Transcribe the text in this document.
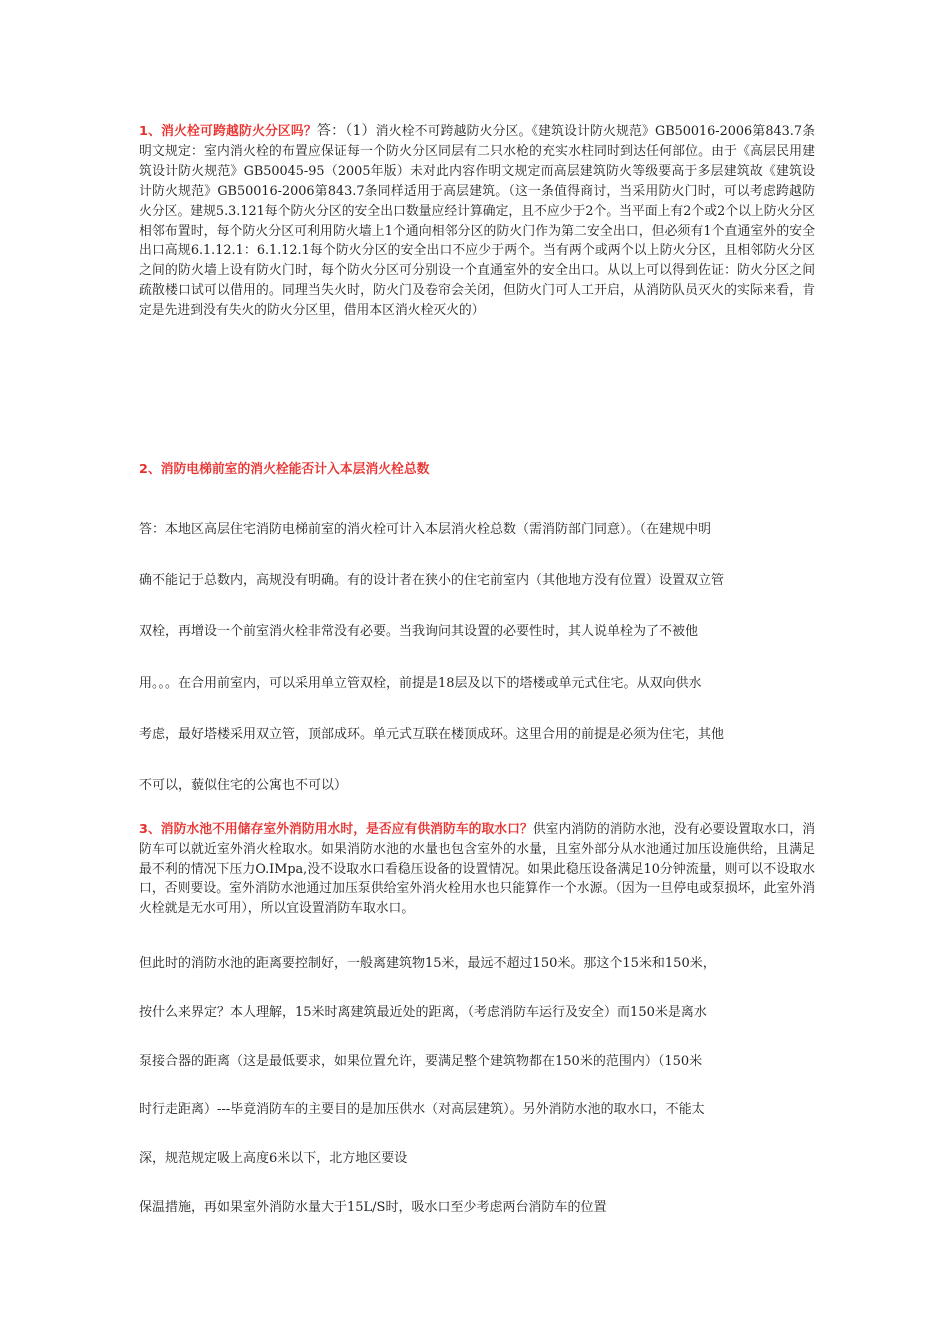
1、消火栓可跨越防火分区吗？答：（1）消火栓不可跨越防火分区。《建筑设计防火规范》GB50016-2006第843.7条明文规定：室内消火栓的布置应保证每一个防火分区同层有二只水枪的充实水柱同时到达任何部位。由于《高层民用建筑设计防火规范》GB50045-95（2005年版）未对此内容作明文规定而高层建筑防火等级要高于多层建筑故《建筑设计防火规范》GB50016-2006第843.7条同样适用于高层建筑。（这一条值得商讨，当采用防火门时，可以考虑跨越防火分区。建规5.3.121每个防火分区的安全出口数量应经计算确定，且不应少于2个。当平面上有2个或2个以上防火分区相邻布置时，每个防火分区可利用防火墙上1个通向相邻分区的防火门作为第二安全出口，但必须有1个直通室外的安全出口高规6.1.12.1：6.1.12.1每个防火分区的安全出口不应少于两个。当有两个或两个以上防火分区，且相邻防火分区之间的防火墙上设有防火门时，每个防火分区可分别设一个直通室外的安全出口。从以上可以得到佐证：防火分区之间疏散楼口试可以借用的。同理当失火时，防火门及卷帘会关闭，但防火门可人工开启，从消防队员灭火的实际来看，肯定是先进到没有失火的防火分区里，借用本区消火栓灭火的）
2、消防电梯前室的消火栓能否计入本层消火栓总数
答：本地区高层住宅消防电梯前室的消火栓可计入本层消火栓总数（需消防部门同意）。（在建规中明
确不能记于总数内，高规没有明确。有的设计者在狭小的住宅前室内（其他地方没有位置）设置双立管
双栓，再增设一个前室消火栓非常没有必要。当我询问其设置的必要性时，其人说单栓为了不被他
用。。。在合用前室内，可以采用单立管双栓，前提是18层及以下的塔楼或单元式住宅。从双向供水
考虑，最好塔楼采用双立管，顶部成环。单元式互联在楼顶成环。这里合用的前提是必须为住宅，其他
不可以，藐似住宅的公寓也不可以）
3、消防水池不用储存室外消防用水时，是否应有供消防车的取水口？供室内消防的消防水池，没有必要设置取水口，消防车可以就近室外消火栓取水。如果消防水池的水量也包含室外的水量，且室外部分从水池通过加压设施供给，且满足最不利的情况下压力O.IMpa,没不设取水口看稳压设备的设置情况。如果此稳压设备满足10分钟流量，则可以不设取水口，否则要设。室外消防水池通过加压泵供给室外消火栓用水也只能算作一个水源。（因为一旦停电或泵损坏，此室外消火栓就是无水可用），所以宜设置消防车取水口。
但此时的消防水池的距离要控制好，一般离建筑物15米，最远不超过150米。那这个15米和150米，
按什么来界定？本人理解，15米时离建筑最近处的距离，（考虑消防车运行及安全）而150米是离水
泵接合器的距离（这是最低要求，如果位置允许，要满足整个建筑物都在150米的范围内）（150米
时行走距离）---毕竟消防车的主要目的是加压供水（对高层建筑）。另外消防水池的取水口，不能太
深，规范规定吸上高度6米以下，北方地区要设
保温措施，再如果室外消防水量大于15L/S时，吸水口至少考虑两台消防车的位置
